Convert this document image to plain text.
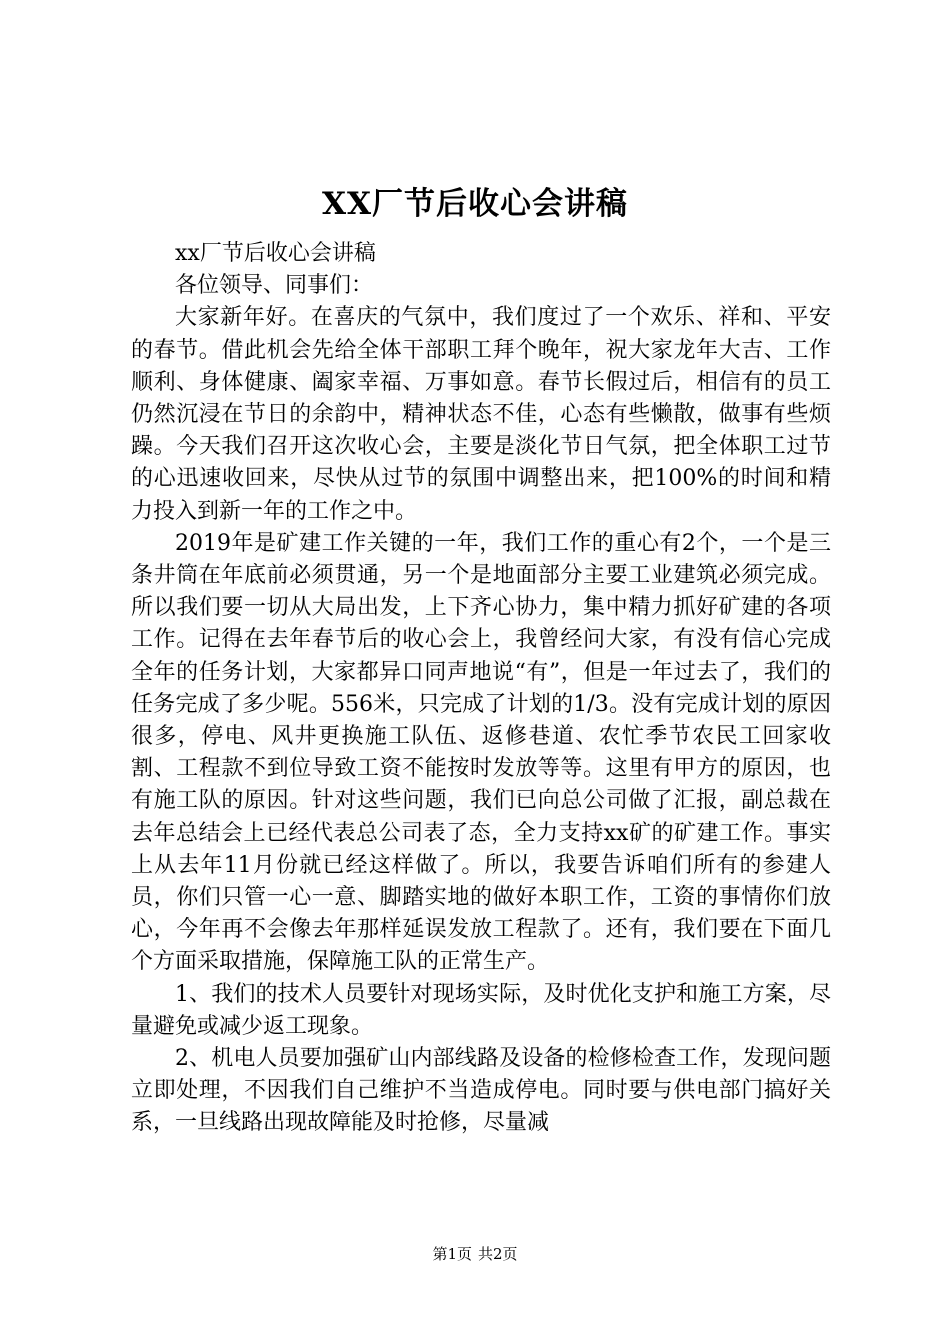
XX厂节后收心会讲稿

xx厂节后收心会讲稿

各位领导、同事们：

大家新年好。在喜庆的气氛中，我们度过了一个欢乐、祥和、平安的春节。借此机会先给全体干部职工拜个晚年，祝大家龙年大吉、工作顺利、身体健康、阖家幸福、万事如意。春节长假过后，相信有的员工仍然沉浸在节日的余韵中，精神状态不佳，心态有些懒散，做事有些烦躁。今天我们召开这次收心会，主要是淡化节日气氛，把全体职工过节的心迅速收回来，尽快从过节的氛围中调整出来，把100%的时间和精力投入到新一年的工作之中。

2019年是矿建工作关键的一年，我们工作的重心有2个，一个是三条井筒在年底前必须贯通，另一个是地面部分主要工业建筑必须完成。所以我们要一切从大局出发，上下齐心协力，集中精力抓好矿建的各项工作。记得在去年春节后的收心会上，我曾经问大家，有没有信心完成全年的任务计划，大家都异口同声地说“有”，但是一年过去了，我们的任务完成了多少呢。556米，只完成了计划的1/3。没有完成计划的原因很多，停电、风井更换施工队伍、返修巷道、农忙季节农民工回家收割、工程款不到位导致工资不能按时发放等等。这里有甲方的原因，也有施工队的原因。针对这些问题，我们已向总公司做了汇报，副总裁在去年总结会上已经代表总公司表了态，全力支持xx矿的矿建工作。事实上从去年11月份就已经这样做了。所以，我要告诉咱们所有的参建人员，你们只管一心一意、脚踏实地的做好本职工作，工资的事情你们放心，今年再不会像去年那样延误发放工程款了。还有，我们要在下面几个方面采取措施，保障施工队的正常生产。

1、我们的技术人员要针对现场实际，及时优化支护和施工方案，尽量避免或减少返工现象。

2、机电人员要加强矿山内部线路及设备的检修检查工作，发现问题立即处理，不因我们自己维护不当造成停电。同时要与供电部门搞好关系，一旦线路出现故障能及时抢修，尽量减

第1页 共2页
